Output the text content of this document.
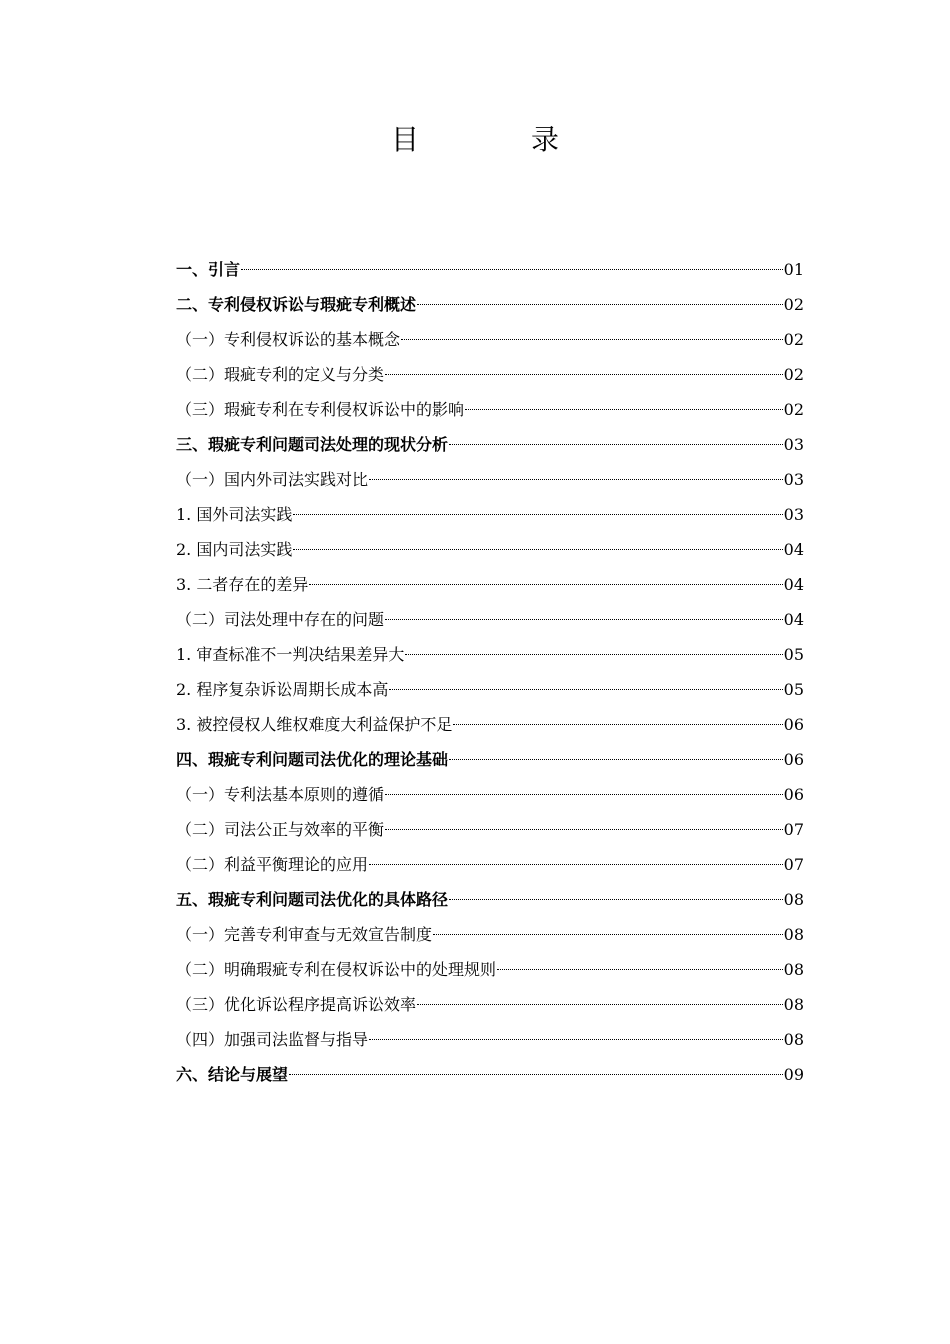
目　录
一、引言	01
二、专利侵权诉讼与瑕疵专利概述	02
（一）专利侵权诉讼的基本概念	02
（二）瑕疵专利的定义与分类	02
（三）瑕疵专利在专利侵权诉讼中的影响	02
三、瑕疵专利问题司法处理的现状分析	03
（一）国内外司法实践对比	03
1. 国外司法实践	03
2. 国内司法实践	04
3. 二者存在的差异	04
（二）司法处理中存在的问题	04
1. 审查标准不一判决结果差异大	05
2. 程序复杂诉讼周期长成本高	05
3. 被控侵权人维权难度大利益保护不足	06
四、瑕疵专利问题司法优化的理论基础	06
（一）专利法基本原则的遵循	06
（二）司法公正与效率的平衡	07
（二）利益平衡理论的应用	07
五、瑕疵专利问题司法优化的具体路径	08
（一）完善专利审查与无效宣告制度	08
（二）明确瑕疵专利在侵权诉讼中的处理规则	08
（三）优化诉讼程序提高诉讼效率	08
（四）加强司法监督与指导	08
六、结论与展望	09
